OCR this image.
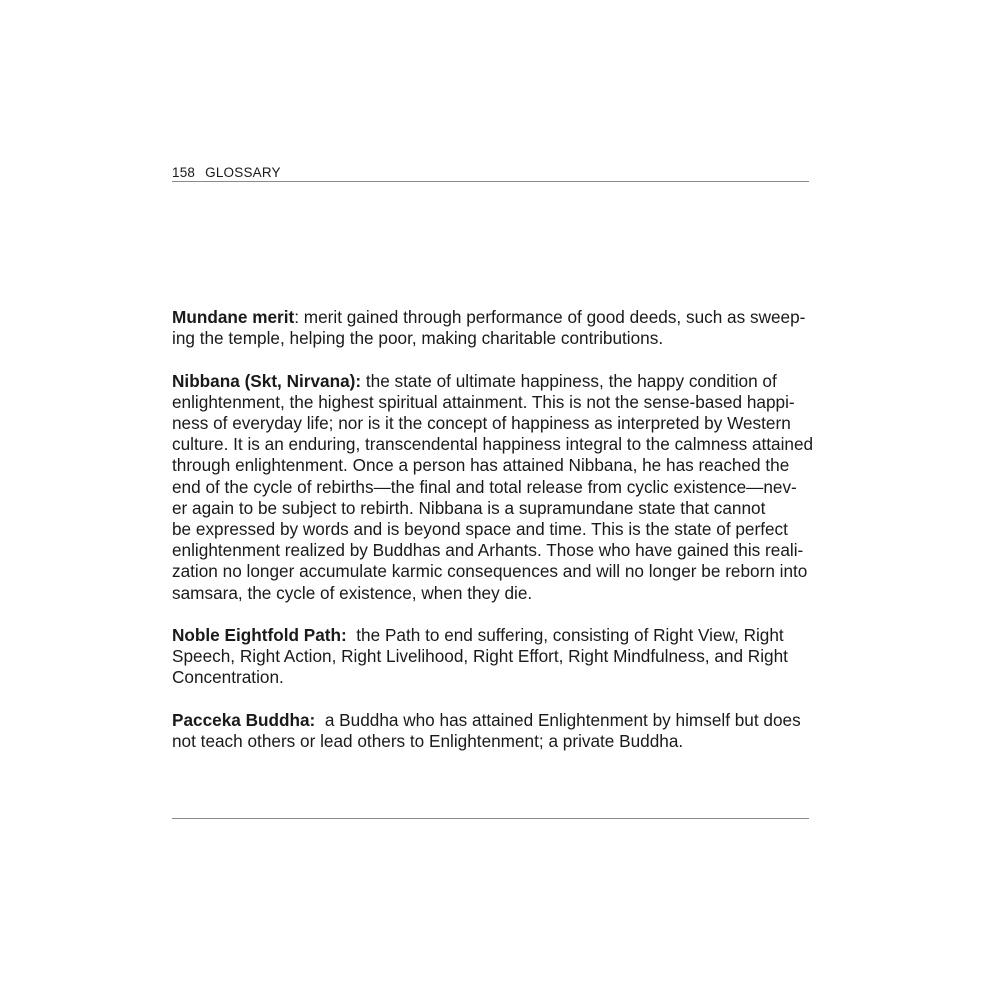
158 GLOSSARY
Mundane merit: merit gained through performance of good deeds, such as sweep-
ing the temple, helping the poor, making charitable contributions.
Nibbana (Skt, Nirvana): the state of ultimate happiness, the happy condition of
enlightenment, the highest spiritual attainment. This is not the sense-based happi-
ness of everyday life; nor is it the concept of happiness as interpreted by Western
culture. It is an enduring, transcendental happiness integral to the calmness attained
through enlightenment. Once a person has attained Nibbana, he has reached the
end of the cycle of rebirths—the final and total release from cyclic existence—nev-
er again to be subject to rebirth. Nibbana is a supramundane state that cannot
be expressed by words and is beyond space and time. This is the state of perfect
enlightenment realized by Buddhas and Arhants. Those who have gained this reali-
zation no longer accumulate karmic consequences and will no longer be reborn into
samsara, the cycle of existence, when they die.
Noble Eightfold Path:  the Path to end suffering, consisting of Right View, Right
Speech, Right Action, Right Livelihood, Right Effort, Right Mindfulness, and Right
Concentration.
Pacceka Buddha:  a Buddha who has attained Enlightenment by himself but does
not teach others or lead others to Enlightenment; a private Buddha.
